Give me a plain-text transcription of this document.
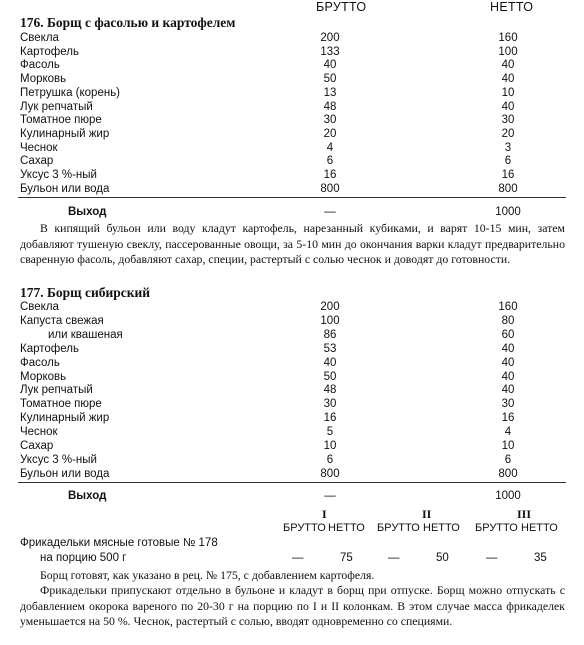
БРУТТО	НЕТТО
176. Борщ с фасолью и картофелем
Свекла	200	160
Картофель	133	100
Фасоль	40	40
Морковь	50	40
Петрушка (корень)	13	10
Лук репчатый	48	40
Томатное пюре	30	30
Кулинарный жир	20	20
Чеснок	4	3
Сахар	6	6
Уксус 3 %-ный	16	16
Бульон или вода	800	800
Выход	—	1000

В кипящий бульон или воду кладут картофель, нарезанный кубиками, и варят 10-15 мин, затем добавляют тушеную свеклу, пассерованные овощи, за 5-10 мин до окончания варки кладут предварительно сваренную фасоль, добавляют сахар, специи, растертый с солью чеснок и доводят до готовности.

177. Борщ сибирский
Свекла	200	160
Капуста свежая	100	80
или квашеная	86	60
Картофель	53	40
Фасоль	40	40
Морковь	50	40
Лук репчатый	48	40
Томатное пюре	30	30
Кулинарный жир	16	16
Чеснок	5	4
Сахар	10	10
Уксус 3 %-ный	6	6
Бульон или вода	800	800
Выход	—	1000
I	II	III
БРУТТО НЕТТО БРУТТО НЕТТО БРУТТО НЕТТО
Фрикадельки мясные готовые № 178
на порцию 500 г	—	75	—	50	—	35

Борщ готовят, как указано в рец. № 175, с добавлением картофеля.

Фрикадельки припускают отдельно в бульоне и кладут в борщ при отпуске. Борщ можно отпускать с добавлением окорока вареного по 20-30 г на порцию по I и II колонкам. В этом случае масса фрикаделек уменьшается на 50 %. Чеснок, растертый с солью, вводят одновременно со специями.
